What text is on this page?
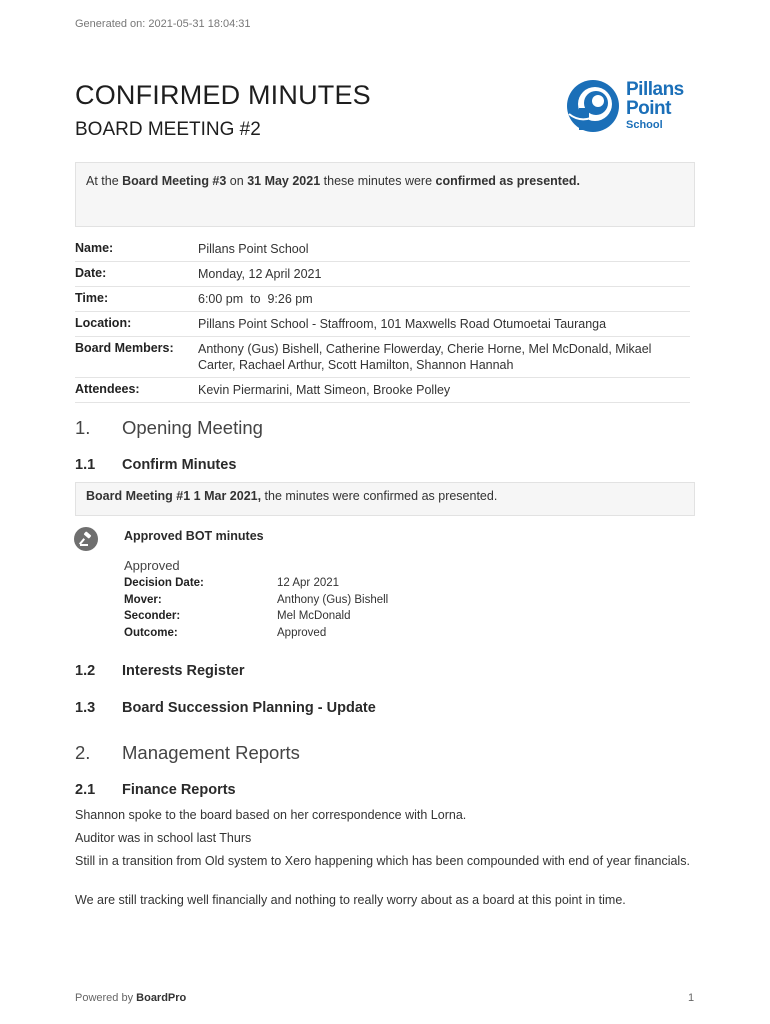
Generated on: 2021-05-31 18:04:31
CONFIRMED MINUTES
BOARD MEETING #2
Pillans
Point
School
At the Board Meeting #3 on 31 May 2021 these minutes were confirmed as presented.
Name:	Pillans Point School
Date:	Monday, 12 April 2021
Time:	6:00 pm  to  9:26 pm
Location:	Pillans Point School - Staffroom, 101 Maxwells Road Otumoetai Tauranga
Board Members:	Anthony (Gus) Bishell, Catherine Flowerday, Cherie Horne, Mel McDonald, Mikael Carter, Rachael Arthur, Scott Hamilton, Shannon Hannah
Attendees:	Kevin Piermarini, Matt Simeon, Brooke Polley
1. Opening Meeting
1.1 Confirm Minutes
Board Meeting #1 1 Mar 2021, the minutes were confirmed as presented.
Approved BOT minutes
Approved
Decision Date:	12 Apr 2021
Mover:	Anthony (Gus) Bishell
Seconder:	Mel McDonald
Outcome:	Approved
1.2 Interests Register
1.3 Board Succession Planning - Update
2. Management Reports
2.1 Finance Reports
Shannon spoke to the board based on her correspondence with Lorna.
Auditor was in school last Thurs
Still in a transition from Old system to Xero happening which has been compounded with end of year financials.
We are still tracking well financially and nothing to really worry about as a board at this point in time.
Powered by BoardPro	1
